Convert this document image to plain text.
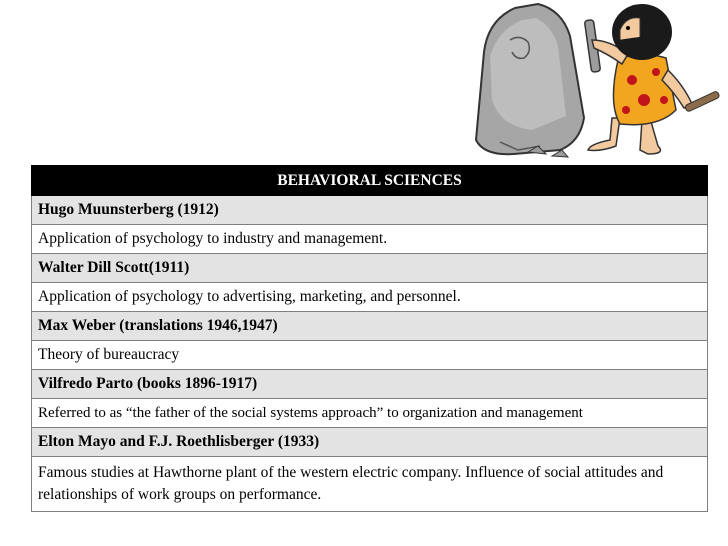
BEHAVIORAL SCIENCES
Hugo Muunsterberg (1912)
Application of psychology to industry and management.
Walter Dill Scott(1911)
Application of psychology to advertising, marketing, and personnel.
Max Weber (translations 1946,1947)
Theory of bureaucracy
Vilfredo Parto (books 1896-1917)
Referred to as “the father of the social systems approach” to organization and management
Elton Mayo and F.J. Roethlisberger (1933)
Famous studies at Hawthorne plant of the western electric company. Influence of social attitudes and relationships of work groups on performance.
